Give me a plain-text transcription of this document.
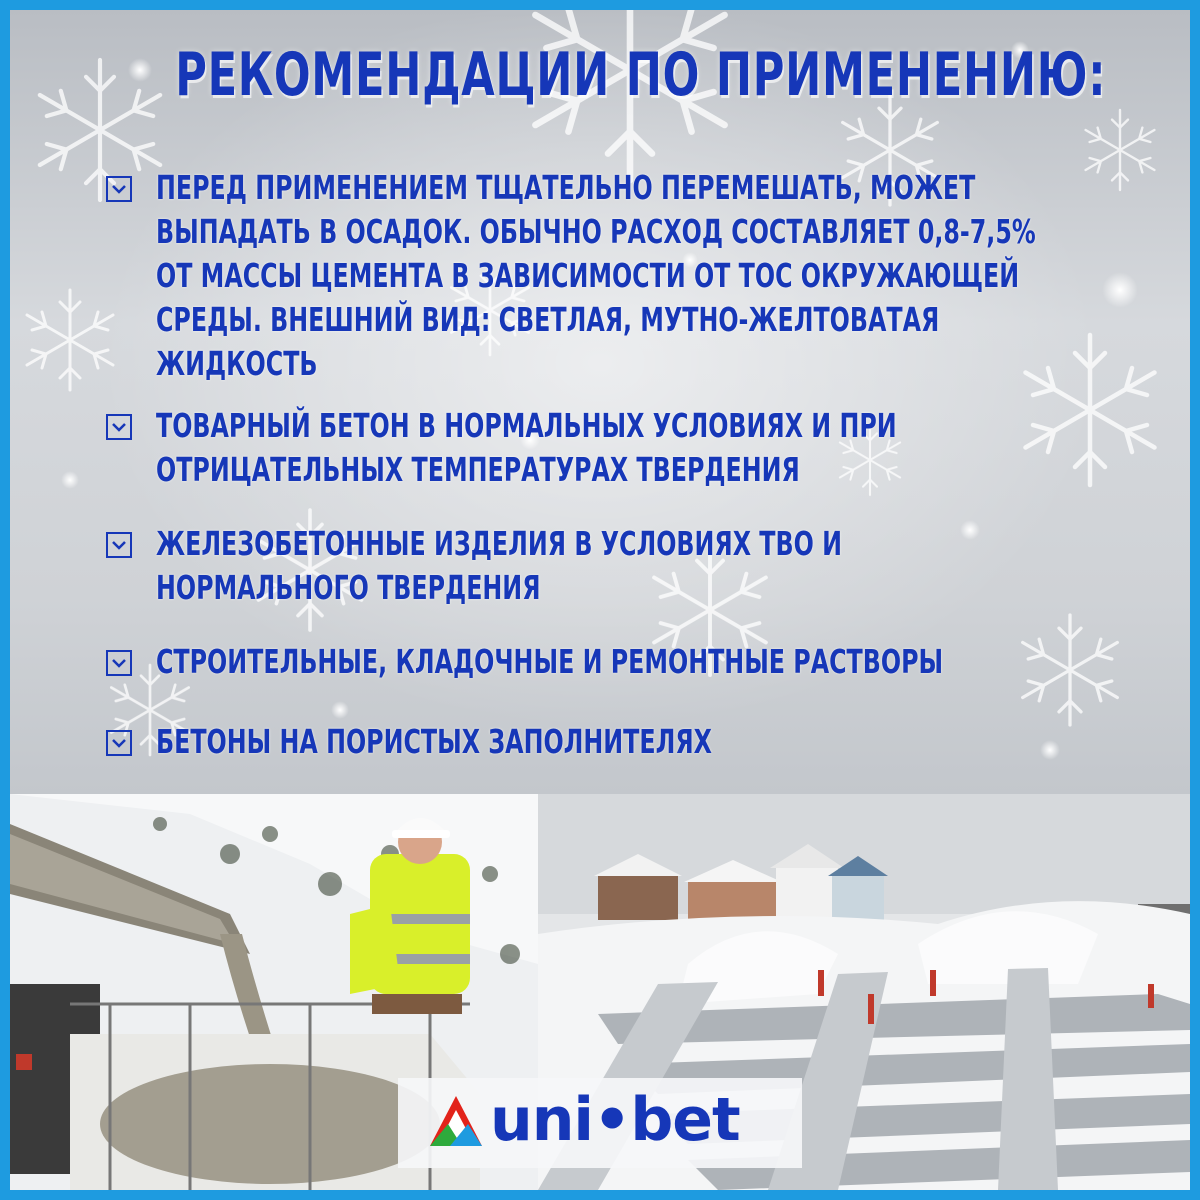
РЕКОМЕНДАЦИИ ПО ПРИМЕНЕНИЮ:
ПЕРЕД ПРИМЕНЕНИЕМ ТЩАТЕЛЬНО ПЕРЕМЕШАТЬ, МОЖЕТ ВЫПАДАТЬ В ОСАДОК. ОБЫЧНО РАСХОД СОСТАВЛЯЕТ 0,8-7,5% ОТ МАССЫ ЦЕМЕНТА В ЗАВИСИМОСТИ ОТ ТОС ОКРУЖАЮЩЕЙ СРЕДЫ. ВНЕШНИЙ ВИД: СВЕТЛАЯ, МУТНО-ЖЕЛТОВАТАЯ ЖИДКОСТЬ
ТОВАРНЫЙ БЕТОН В НОРМАЛЬНЫХ УСЛОВИЯХ И ПРИ ОТРИЦАТЕЛЬНЫХ ТЕМПЕРАТУРАХ ТВЕРДЕНИЯ
ЖЕЛЕЗОБЕТОННЫЕ ИЗДЕЛИЯ В УСЛОВИЯХ ТВО И НОРМАЛЬНОГО ТВЕРДЕНИЯ
СТРОИТЕЛЬНЫЕ, КЛАДОЧНЫЕ И РЕМОНТНЫЕ РАСТВОРЫ
БЕТОНЫ НА ПОРИСТЫХ ЗАПОЛНИТЕЛЯХ
uni•bet
